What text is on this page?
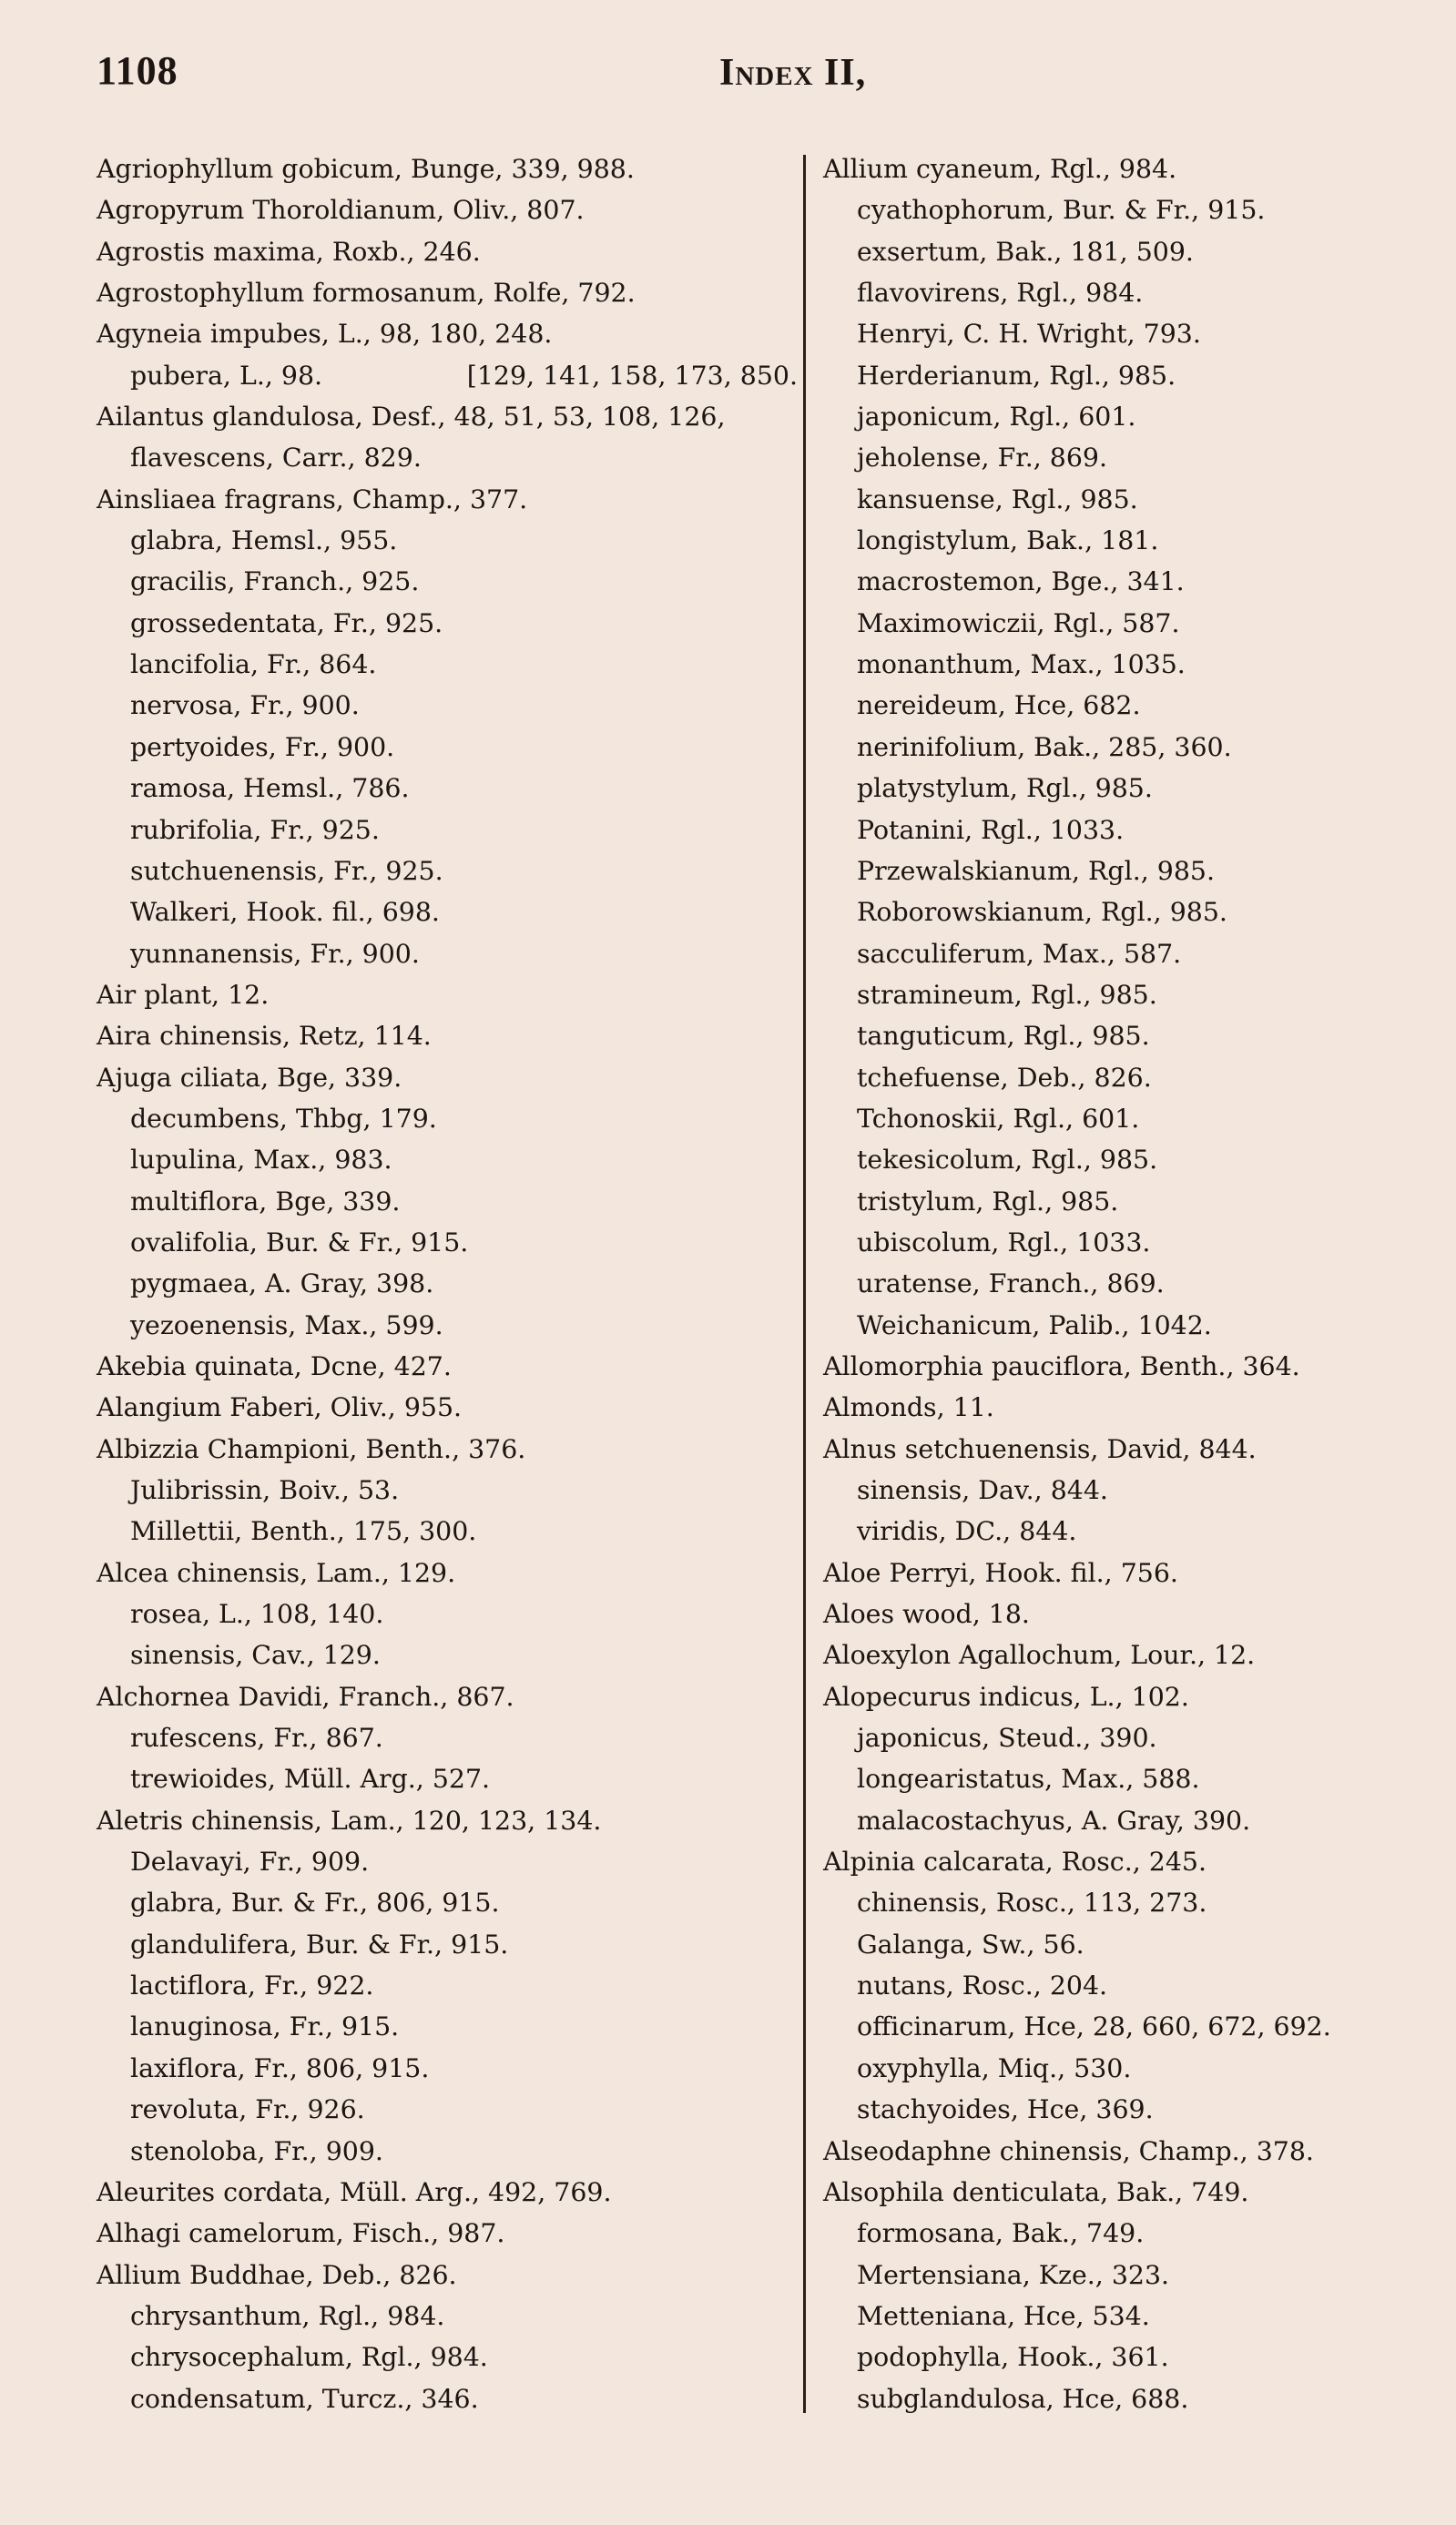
1108	Index II,
Agriophyllum gobicum, Bunge, 339, 988.
Agropyrum Thoroldianum, Oliv., 807.
Agrostis maxima, Roxb., 246.
Agrostophyllum formosanum, Rolfe, 792.
Agyneia impubes, L., 98, 180, 248.
pubera, L., 98.	[129, 141, 158, 173, 850.
Ailantus glandulosa, Desf., 48, 51, 53, 108, 126,
flavescens, Carr., 829.
Ainsliaea fragrans, Champ., 377.
glabra, Hemsl., 955.
gracilis, Franch., 925.
grossedentata, Fr., 925.
lancifolia, Fr., 864.
nervosa, Fr., 900.
pertyoides, Fr., 900.
ramosa, Hemsl., 786.
rubrifolia, Fr., 925.
sutchuenensis, Fr., 925.
Walkeri, Hook. fil., 698.
yunnanensis, Fr., 900.
Air plant, 12.
Aira chinensis, Retz, 114.
Ajuga ciliata, Bge, 339.
decumbens, Thbg, 179.
lupulina, Max., 983.
multiflora, Bge, 339.
ovalifolia, Bur. & Fr., 915.
pygmaea, A. Gray, 398.
yezoenensis, Max., 599.
Akebia quinata, Dcne, 427.
Alangium Faberi, Oliv., 955.
Albizzia Championi, Benth., 376.
Julibrissin, Boiv., 53.
Millettii, Benth., 175, 300.
Alcea chinensis, Lam., 129.
rosea, L., 108, 140.
sinensis, Cav., 129.
Alchornea Davidi, Franch., 867.
rufescens, Fr., 867.
trewioides, Müll. Arg., 527.
Aletris chinensis, Lam., 120, 123, 134.
Delavayi, Fr., 909.
glabra, Bur. & Fr., 806, 915.
glandulifera, Bur. & Fr., 915.
lactiflora, Fr., 922.
lanuginosa, Fr., 915.
laxiflora, Fr., 806, 915.
revoluta, Fr., 926.
stenoloba, Fr., 909.
Aleurites cordata, Müll. Arg., 492, 769.
Alhagi camelorum, Fisch., 987.
Allium Buddhae, Deb., 826.
chrysanthum, Rgl., 984.
chrysocephalum, Rgl., 984.
condensatum, Turcz., 346.
Allium cyaneum, Rgl., 984.
cyathophorum, Bur. & Fr., 915.
exsertum, Bak., 181, 509.
flavovirens, Rgl., 984.
Henryi, C. H. Wright, 793.
Herderianum, Rgl., 985.
japonicum, Rgl., 601.
jeholense, Fr., 869.
kansuense, Rgl., 985.
longistylum, Bak., 181.
macrostemon, Bge., 341.
Maximowiczii, Rgl., 587.
monanthum, Max., 1035.
nereideum, Hce, 682.
nerinifolium, Bak., 285, 360.
platystylum, Rgl., 985.
Potanini, Rgl., 1033.
Przewalskianum, Rgl., 985.
Roborowskianum, Rgl., 985.
sacculiferum, Max., 587.
stramineum, Rgl., 985.
tanguticum, Rgl., 985.
tchefuense, Deb., 826.
Tchonoskii, Rgl., 601.
tekesicolum, Rgl., 985.
tristylum, Rgl., 985.
ubiscolum, Rgl., 1033.
uratense, Franch., 869.
Weichanicum, Palib., 1042.
Allomorphia pauciflora, Benth., 364.
Almonds, 11.
Alnus setchuenensis, David, 844.
sinensis, Dav., 844.
viridis, DC., 844.
Aloe Perryi, Hook. fil., 756.
Aloes wood, 18.
Aloexylon Agallochum, Lour., 12.
Alopecurus indicus, L., 102.
japonicus, Steud., 390.
longearistatus, Max., 588.
malacostachyus, A. Gray, 390.
Alpinia calcarata, Rosc., 245.
chinensis, Rosc., 113, 273.
Galanga, Sw., 56.
nutans, Rosc., 204.
officinarum, Hce, 28, 660, 672, 692.
oxyphylla, Miq., 530.
stachyoides, Hce, 369.
Alseodaphne chinensis, Champ., 378.
Alsophila denticulata, Bak., 749.
formosana, Bak., 749.
Mertensiana, Kze., 323.
Metteniana, Hce, 534.
podophylla, Hook., 361.
subglandulosa, Hce, 688.
